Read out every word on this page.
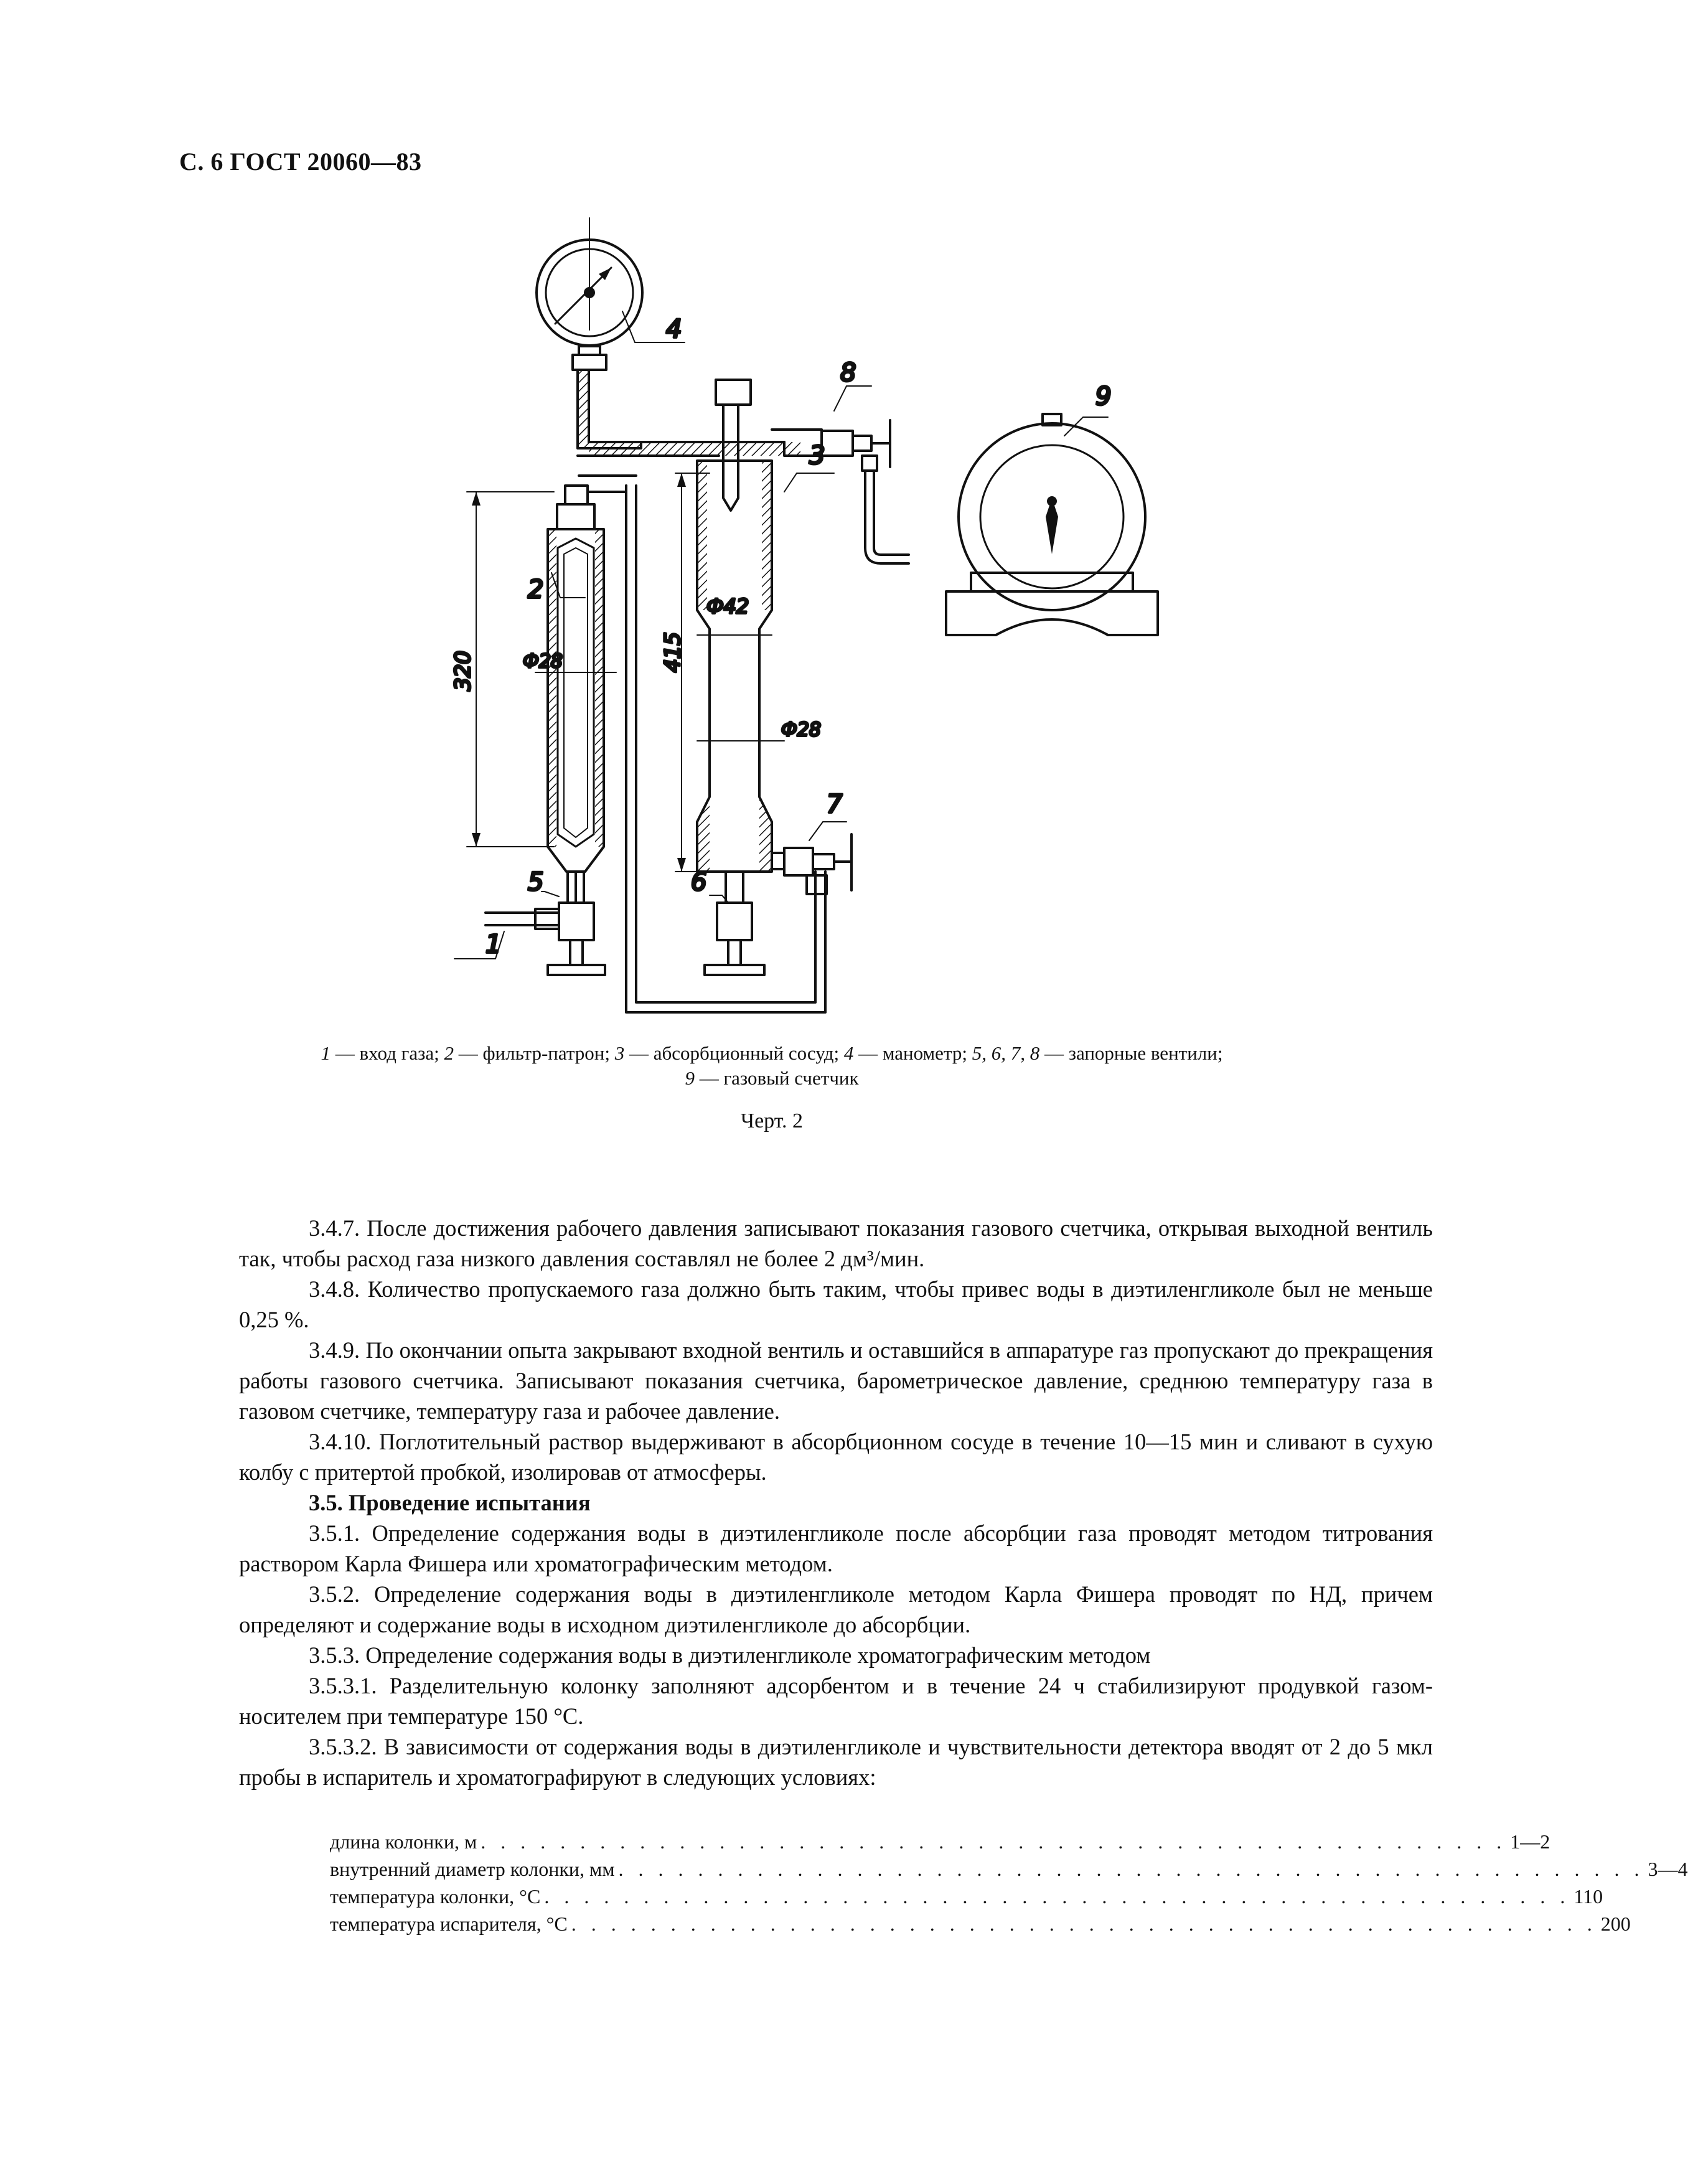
С. 6 ГОСТ 20060—83
4
2
Ф28
320
5
1
3
Ф42
Ф28
415
8
9
7
6
1 — вход газа; 2 — фильтр-патрон; 3 — абсорбционный сосуд; 4 — манометр; 5, 6, 7, 8 — запорные вентили;
9 — газовый счетчик
Черт. 2

3.4.7. После достижения рабочего давления записывают показания газового счетчика, открывая выходной вентиль так, чтобы расход газа низкого давления составлял не более 2 дм³/мин.

3.4.8. Количество пропускаемого газа должно быть таким, чтобы привес воды в диэтиленгликоле был не меньше 0,25 %.

3.4.9. По окончании опыта закрывают входной вентиль и оставшийся в аппаратуре газ пропускают до прекращения работы газового счетчика. Записывают показания счетчика, барометрическое давление, среднюю температуру газа в газовом счетчике, температуру газа и рабочее давление.

3.4.10. Поглотительный раствор выдерживают в абсорбционном сосуде в течение 10—15 мин и сливают в сухую колбу с притертой пробкой, изолировав от атмосферы.

3.5. Проведение испытания

3.5.1. Определение содержания воды в диэтиленгликоле после абсорбции газа проводят методом титрования раствором Карла Фишера или хроматографическим методом.

3.5.2. Определение содержания воды в диэтиленгликоле методом Карла Фишера проводят по НД, причем определяют и содержание воды в исходном диэтиленгликоле до абсорбции.

3.5.3. Определение содержания воды в диэтиленгликоле хроматографическим методом

3.5.3.1. Разделительную колонку заполняют адсорбентом и в течение 24 ч стабилизируют продувкой газом-носителем при температуре 150 °С.

3.5.3.2. В зависимости от содержания воды в диэтиленгликоле и чувствительности детектора вводят от 2 до 5 мкл пробы в испаритель и хроматографируют в следующих условиях:

длина колонки, м . . . . . . . . . . . . . . . . . . . . . . . . . . . . . . . . . . . . . . . . . . . . . . . . . . . . 1—2
внутренний диаметр колонки, мм . . . . . . . . . . . . . . . . . . . . . . . . . . . . . . . . . . . . . . . . . . . . . . . . . . . . 3—4
температура колонки, °С . . . . . . . . . . . . . . . . . . . . . . . . . . . . . . . . . . . . . . . . . . . . . . . . . . . . 110
температура испарителя, °С . . . . . . . . . . . . . . . . . . . . . . . . . . . . . . . . . . . . . . . . . . . . . . . . . . . . 200
